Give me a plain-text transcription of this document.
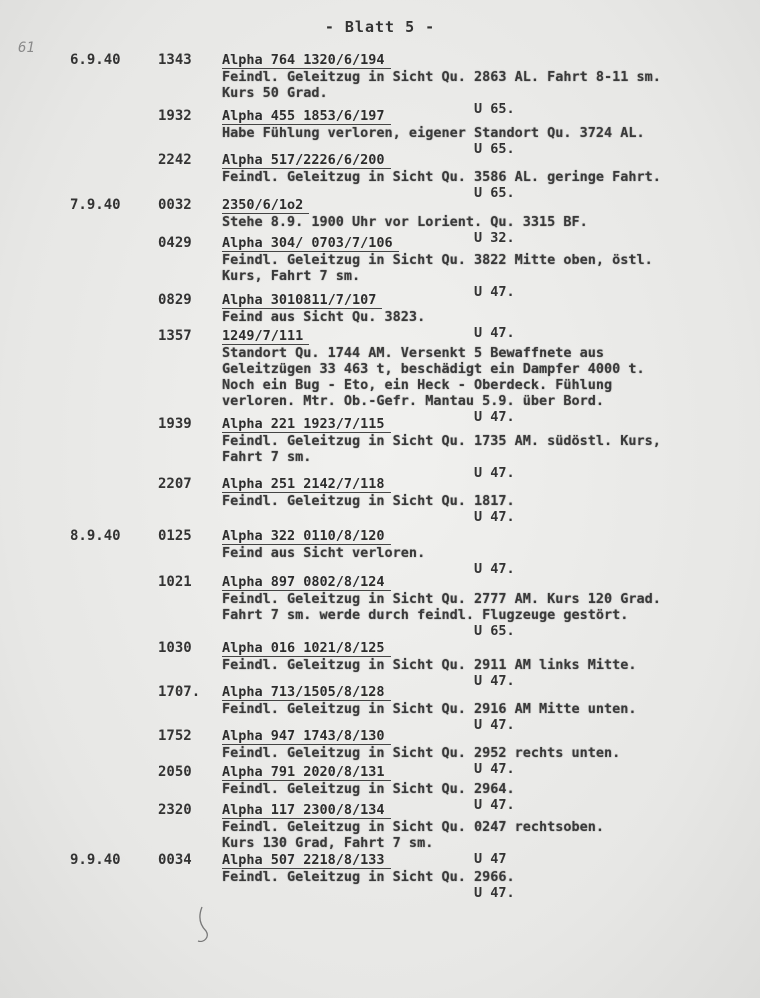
- Blatt 5 -
61
6.9.40	1343 Alpha 764 1320/6/194
Feindl. Geleitzug in Sicht Qu. 2863 AL. Fahrt 8-11 sm.
Kurs 50 Grad.
U 65.
1932 Alpha 455 1853/6/197
Habe Fühlung verloren, eigener Standort Qu. 3724 AL.
U 65.
2242 Alpha 517/2226/6/200
Feindl. Geleitzug in Sicht Qu. 3586 AL. geringe Fahrt.
U 65.
7.9.40	0032 2350/6/1o2
Stehe 8.9. 1900 Uhr vor Lorient. Qu. 3315 BF.
U 32.
0429 Alpha 304/ 0703/7/106
Feindl. Geleitzug in Sicht Qu. 3822 Mitte oben, östl.
Kurs, Fahrt 7 sm.
U 47.
0829 Alpha 3010811/7/107
Feind aus Sicht Qu. 3823.
U 47.
1357 1249/7/111
Standort Qu. 1744 AM. Versenkt 5 Bewaffnete aus
Geleitzügen 33 463 t, beschädigt ein Dampfer 4000 t.
Noch ein Bug - Eto, ein Heck - Oberdeck. Fühlung
verloren. Mtr. Ob.-Gefr. Mantau 5.9. über Bord.
U 47.
1939 Alpha 221 1923/7/115
Feindl. Geleitzug in Sicht Qu. 1735 AM. südöstl. Kurs,
Fahrt 7 sm.
U 47.
2207 Alpha 251 2142/7/118
Feindl. Geleitzug in Sicht Qu. 1817.
U 47.
8.9.40	0125 Alpha 322 0110/8/120
Feind aus Sicht verloren.
U 47.
1021 Alpha 897 0802/8/124
Feindl. Geleitzug in Sicht Qu. 2777 AM. Kurs 120 Grad.
Fahrt 7 sm. werde durch feindl. Flugzeuge gestört.
U 65.
1030 Alpha 016 1021/8/125
Feindl. Geleitzug in Sicht Qu. 2911 AM links Mitte.
U 47.
1707. Alpha 713/1505/8/128
Feindl. Geleitzug in Sicht Qu. 2916 AM Mitte unten.
U 47.
1752 Alpha 947 1743/8/130
Feindl. Geleitzug in Sicht Qu. 2952 rechts unten.
U 47.
2050 Alpha 791 2020/8/131
Feindl. Geleitzug in Sicht Qu. 2964.
U 47.
2320 Alpha 117 2300/8/134
Feindl. Geleitzug in Sicht Qu. 0247 rechtsoben.
Kurs 130 Grad, Fahrt 7 sm.
U 47
9.9.40	0034 Alpha 507 2218/8/133
Feindl. Geleitzug in Sicht Qu. 2966.
U 47.
